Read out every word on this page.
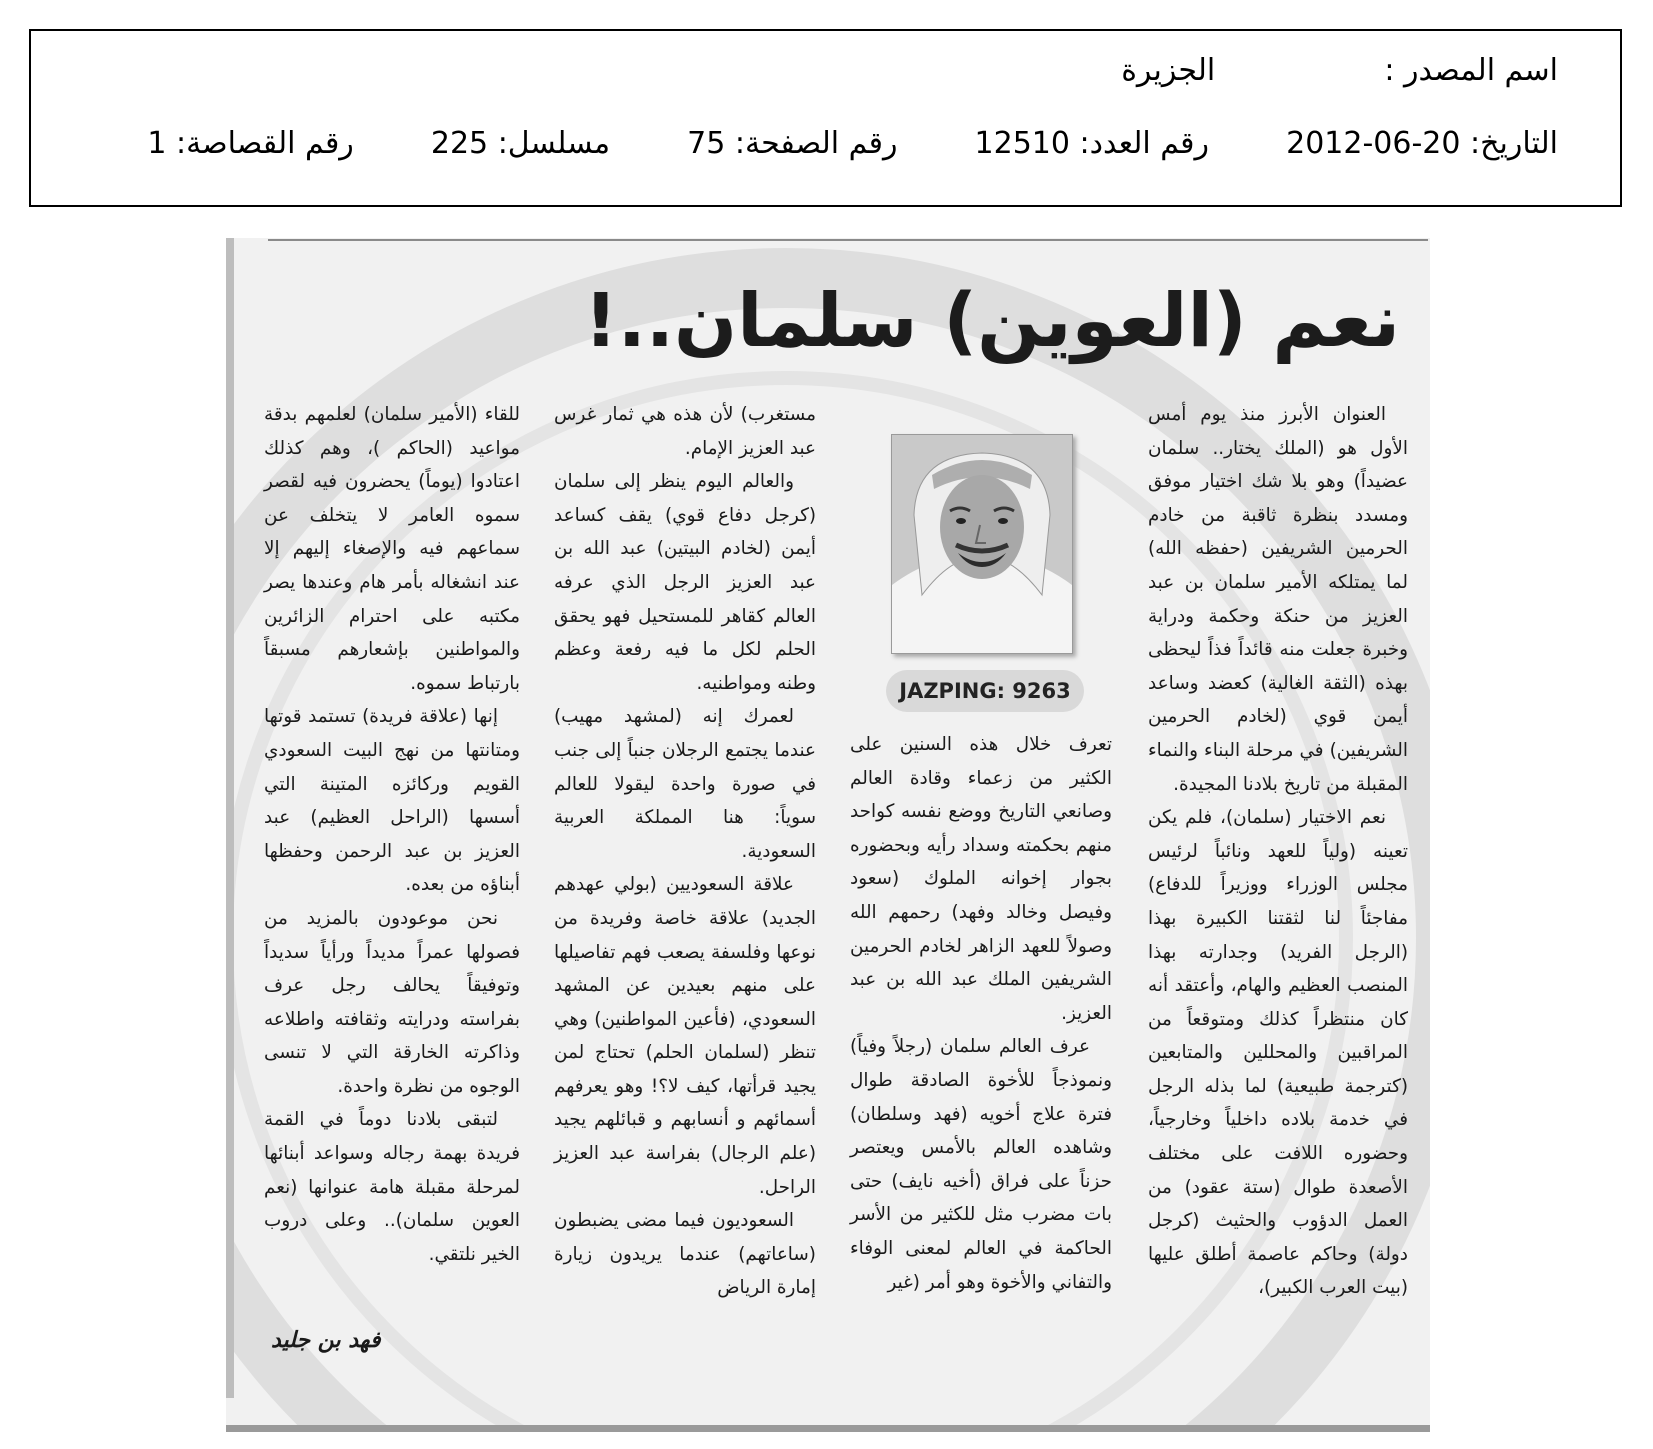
اسم المصدر :  الجزيرة
التاريخ: 2012-06-20  رقم العدد: 12510  رقم الصفحة: 75  مسلسل: 225  رقم القصاصة: 1
نعم (العوين) سلمان..!

العنوان الأبرز منذ يوم أمس الأول هو (الملك يختار.. سلمان عضيداً) وهو بلا شك اختيار موفق ومسدد بنظرة ثاقبة من خادم الحرمين الشريفين (حفظه الله) لما يمتلكه الأمير سلمان بن عبد العزيز من حنكة وحكمة ودراية وخبرة جعلت منه قائداً فذاً ليحظى بهذه (الثقة الغالية) كعضد وساعد أيمن قوي (لخادم الحرمين الشريفين) في مرحلة البناء والنماء المقبلة من تاريخ بلادنا المجيدة.

نعم الاختيار (سلمان)، فلم يكن تعينه (ولياً للعهد ونائباً لرئيس مجلس الوزراء ووزيراً للدفاع) مفاجئاً لنا لثقتنا الكبيرة بهذا (الرجل الفريد) وجدارته بهذا المنصب العظيم والهام، وأعتقد أنه كان منتظراً كذلك ومتوقعاً من المراقبين والمحللين والمتابعين (كترجمة طبيعية) لما بذله الرجل في خدمة بلاده داخلياً وخارجياً، وحضوره اللافت على مختلف الأصعدة طوال (ستة عقود) من العمل الدؤوب والحثيث (كرجل دولة) وحاكم عاصمة أطلق عليها (بيت العرب الكبير)،

تعرف خلال هذه السنين على الكثير من زعماء وقادة العالم وصانعي التاريخ ووضع نفسه كواحد منهم بحكمته وسداد رأيه وبحضوره بجوار إخوانه الملوك (سعود وفيصل وخالد وفهد) رحمهم الله وصولاً للعهد الزاهر لخادم الحرمين الشريفين الملك عبد الله بن عبد العزيز.

عرف العالم سلمان (رجلاً وفياً) ونموذجاً للأخوة الصادقة طوال فترة علاج أخويه (فهد وسلطان) وشاهده العالم بالأمس ويعتصر حزناً على فراق (أخيه نايف) حتى بات مضرب مثل للكثير من الأسر الحاكمة في العالم لمعنى الوفاء والتفاني والأخوة وهو أمر (غير

مستغرب) لأن هذه هي ثمار غرس عبد العزيز الإمام.

والعالم اليوم ينظر إلى سلمان (كرجل دفاع قوي) يقف كساعد أيمن (لخادم البيتين) عبد الله بن عبد العزيز الرجل الذي عرفه العالم كقاهر للمستحيل فهو يحقق الحلم لكل ما فيه رفعة وعظم وطنه ومواطنيه.

لعمرك إنه (لمشهد مهيب) عندما يجتمع الرجلان جنباً إلى جنب في صورة واحدة ليقولا للعالم سوياً: هنا المملكة العربية السعودية.

علاقة السعوديين (بولي عهدهم الجديد) علاقة خاصة وفريدة من نوعها وفلسفة يصعب فهم تفاصيلها على منهم بعيدين عن المشهد السعودي، (فأعين المواطنين) وهي تنظر (لسلمان الحلم) تحتاج لمن يجيد قرأتها، كيف لا؟! وهو يعرفهم أسمائهم و أنسابهم و قبائلهم يجيد (علم الرجال) بفراسة عبد العزيز الراحل.

السعوديون فيما مضى يضبطون (ساعاتهم) عندما يريدون زيارة إمارة الرياض

للقاء (الأمير سلمان) لعلمهم بدقة مواعيد (الحاكم )، وهم كذلك اعتادوا (يوماً) يحضرون فيه لقصر سموه العامر لا يتخلف عن سماعهم فيه والإصغاء إليهم إلا عند انشغاله بأمر هام وعندها يصر مكتبه على احترام الزائرين والمواطنين بإشعارهم مسبقاً بارتباط سموه.

إنها (علاقة فريدة) تستمد قوتها ومتانتها من نهج البيت السعودي القويم وركائزه المتينة التي أسسها (الراحل العظيم) عبد العزيز بن عبد الرحمن وحفظها أبناؤه من بعده.

نحن موعودون بالمزيد من فصولها عمراً مديداً ورأياً سديداً وتوفيقاً يحالف رجل عرف بفراسته ودرايته وثقافته واطلاعه وذاكرته الخارقة التي لا تنسى الوجوه من نظرة واحدة.

لتبقى بلادنا دوماً في القمة فريدة بهمة رجاله وسواعد أبنائها لمرحلة مقبلة هامة عنوانها (نعم العوين سلمان).. وعلى دروب الخير نلتقي.

JAZPING: 9263
فهد بن جليد
